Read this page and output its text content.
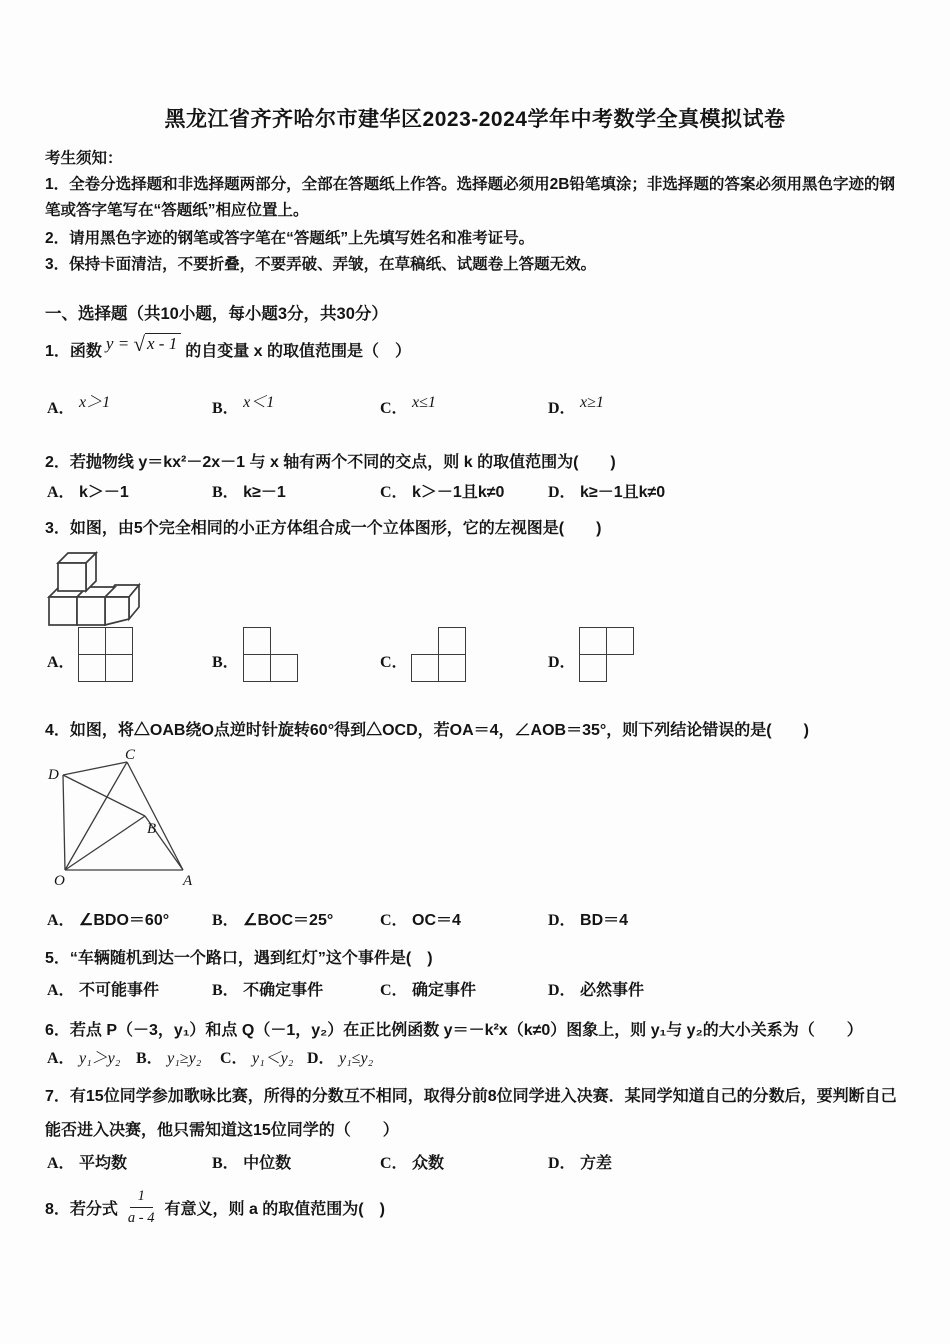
黑龙江省齐齐哈尔市建华区2023-2024学年中考数学全真模拟试卷
考生须知：
1．全卷分选择题和非选择题两部分，全部在答题纸上作答。选择题必须用2B铅笔填涂；非选择题的答案必须用黑色字迹的钢笔或答字笔写在“答题纸”相应位置上。
2．请用黑色字迹的钢笔或答字笔在“答题纸”上先填写姓名和准考证号。
3．保持卡面清洁，不要折叠，不要弄破、弄皱，在草稿纸、试题卷上答题无效。
一、选择题（共10小题，每小题3分，共30分）
1．函数 y = √ x - 1 的自变量 x 的取值范围是（　）
A． x＞1	B． x＜1	C． x≤1	D． x≥1
2．若抛物线 y＝kx²－2x－1 与 x 轴有两个不同的交点，则 k 的取值范围为(　　)
A． k＞－1	B． k≥－1	C． k＞－1且k≠0	D． k≥－1且k≠0
3．如图，由5个完全相同的小正方体组合成一个立体图形，它的左视图是(　　)
A．	B．	C．	D．
4．如图，将△OAB绕O点逆时针旋转60°得到△OCD，若OA＝4，∠AOB＝35°，则下列结论错误的是(　　)
D
C
B
O	A
A． ∠BDO＝60°	B． ∠BOC＝25°	C． OC＝4	D． BD＝4
5．“车辆随机到达一个路口，遇到红灯”这个事件是(　)
A． 不可能事件	B． 不确定事件	C． 确定事件	D． 必然事件
6．若点 P（－3，y₁）和点 Q（－1，y₂）在正比例函数 y＝－k²x（k≠0）图象上，则 y₁与 y₂的大小关系为（　　）
A． y₁＞y₂ B． y₁≥y₂ C． y₁＜y₂ D． y₁≤y₂
7．有15位同学参加歌咏比赛，所得的分数互不相同，取得分前8位同学进入决赛．某同学知道自己的分数后，要判断自己能否进入决赛，他只需知道这15位同学的（　　）
A． 平均数	B． 中位数	C． 众数	D． 方差
8． 若分式 $\frac{1}{a - 4}$ 有意义，则 a 的取值范围为(　)
